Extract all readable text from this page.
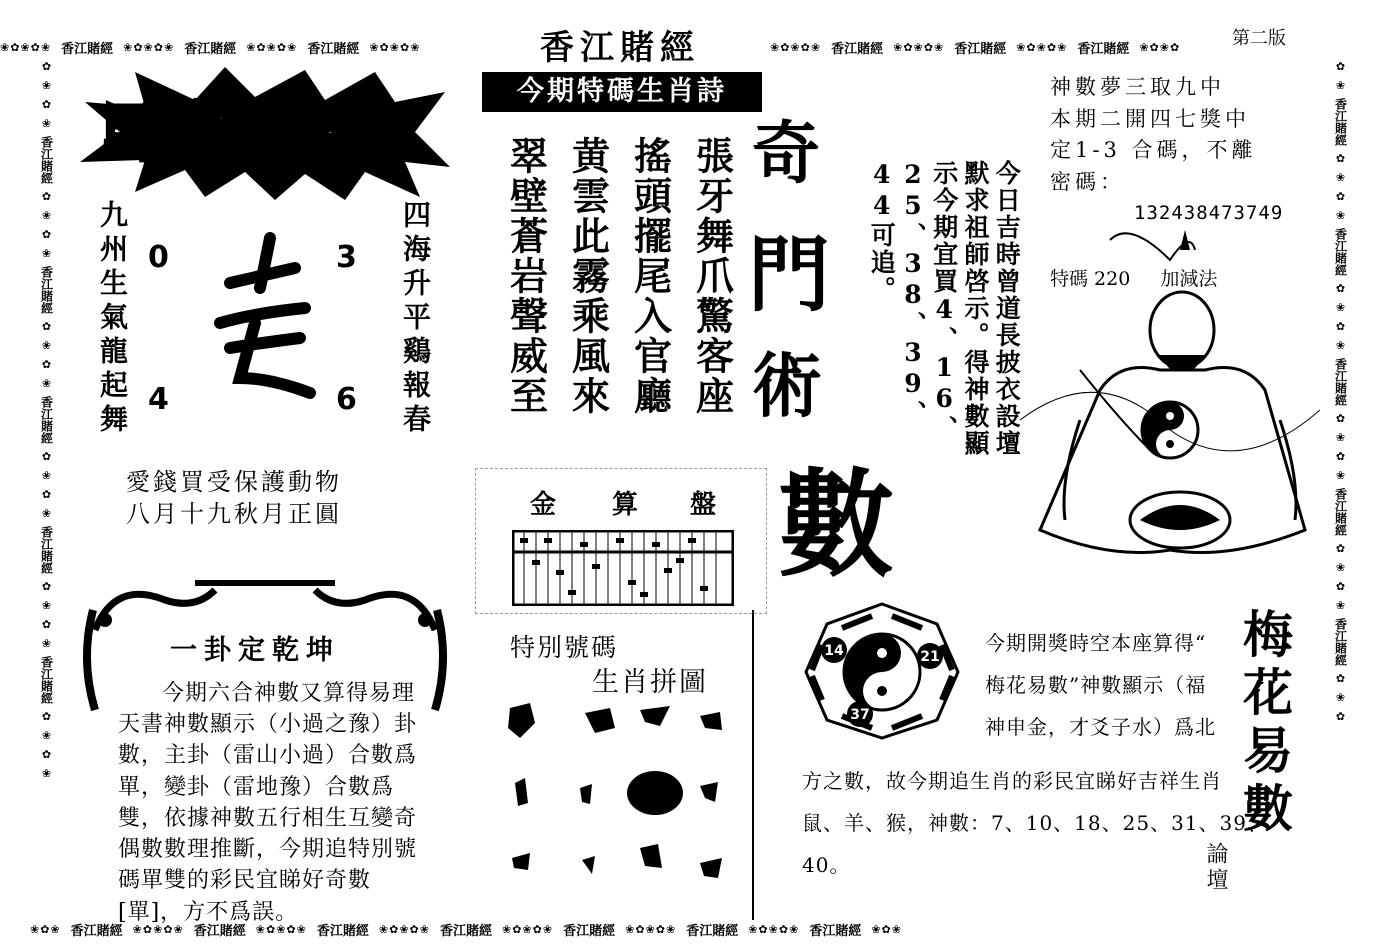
❀✿❀✿❀ 香江賭經 ❀✿❀✿❀ 香江賭經 ❀✿❀✿❀ 香江賭經 ❀✿❀✿❀	❀✿❀✿❀ 香江賭經 ❀✿❀✿❀ 香江賭經 ❀✿❀✿❀ 香江賭經 ❀✿❀✿
❀✿❀ 香江賭經 ❀✿❀✿❀ 香江賭經 ❀✿❀✿❀ 香江賭經 ❀✿❀✿❀ 香江賭經 ❀✿❀✿❀ 香江賭經 ❀✿❀✿❀ 香江賭經 ❀✿❀✿❀ 香江賭經 ❀✿❀
✿
❀
✿
❀
香江賭經
✿
❀
✿
❀
香江賭經
✿
❀
✿
❀
香江賭經
✿
❀
✿
❀
香江賭經
✿
❀
✿
❀
香江賭經
✿
❀
✿
❀
✿
❀
香江賭經
✿
❀
✿
❀
香江賭經
✿
❀
✿
❀
香江賭經
✿
❀
✿
❀
香江賭經
✿
❀
✿
❀
香江賭經
✿
❀
✿
香江賭經	第二版
馬會傳密
九州生氣龍起舞	四海升平鷄報春
0	3
4	6
愛錢買受保護動物
八月十九秋月正圓
一卦定乾坤
今期六合神數又算得易理天書神數顯示（小過之豫）卦數，主卦（雷山小過）合數爲單，變卦（雷地豫）合數爲雙，依據神數五行相生互變奇偶數數理推斷，今期追特別號碼單雙的彩民宜睇好奇數[單]，方不爲誤。
今期特碼生肖詩
張牙舞爪驚客座
搖頭擺尾入官廳
黄雲此霧乘風來
翠壁蒼岩聲威至
金 算 盤
特別號碼
生肖拼圖
奇
門
術
數
今日吉時曾道長披衣設壇默求祖師啓示。得神數顯示今期宜買4、16、25、38、39、44可追。
神數夢三取九中
本期二開四七獎中
定1-3 合碼，不離
密碼：
132438473749
特碼 220 加減法
14	21
37
今期開獎時空本座算得“
梅花易數”神數顯示（福
神申金，才爻子水）爲北
方之數，故今期追生肖的彩民宜睇好吉祥生肖
鼠、羊、猴，神數：7、10、18、25、31、39、
40。
梅花易數
論壇
